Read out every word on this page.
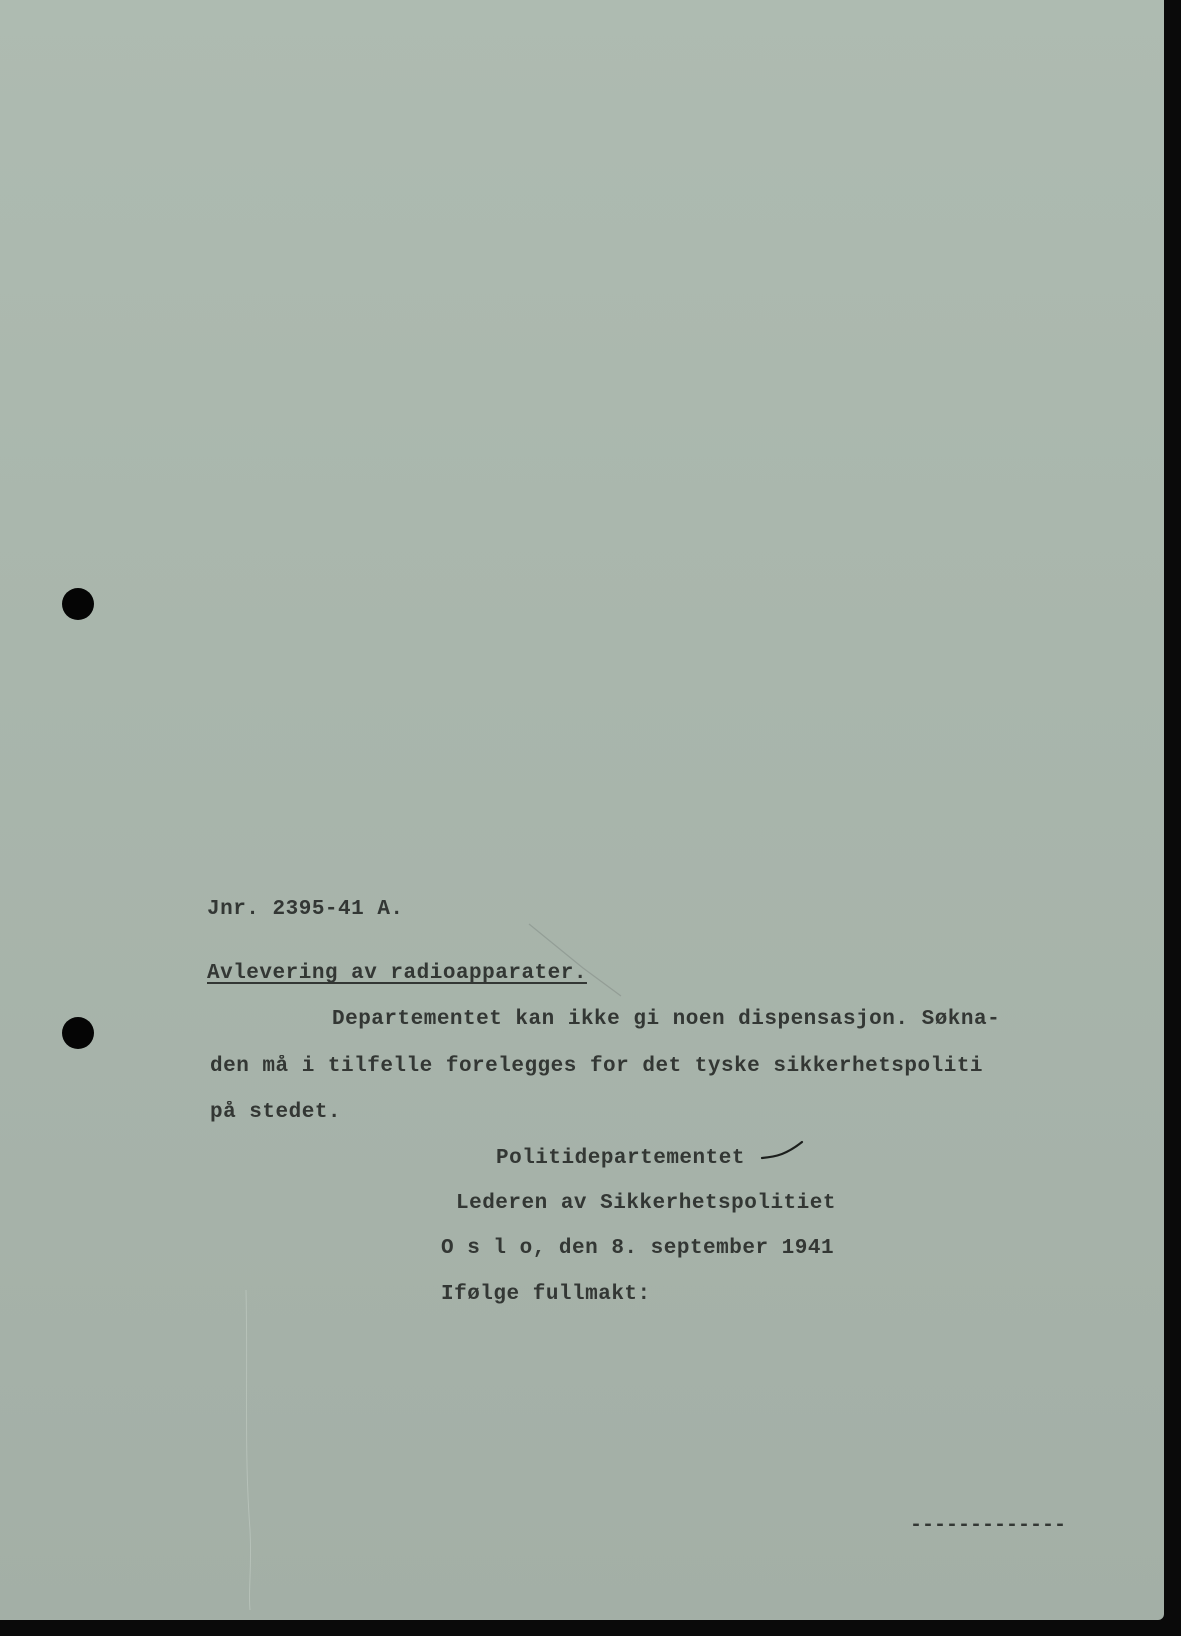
Jnr. 2395-41 A.
Avlevering av radioapparater.
Departementet kan ikke gi noen dispensasjon. Søkna-
den må i tilfelle forelegges for det tyske sikkerhetspoliti
på stedet.
Politidepartementet
Lederen av Sikkerhetspolitiet
O s l o, den 8. september 1941
Ifølge fullmakt:
-------------
